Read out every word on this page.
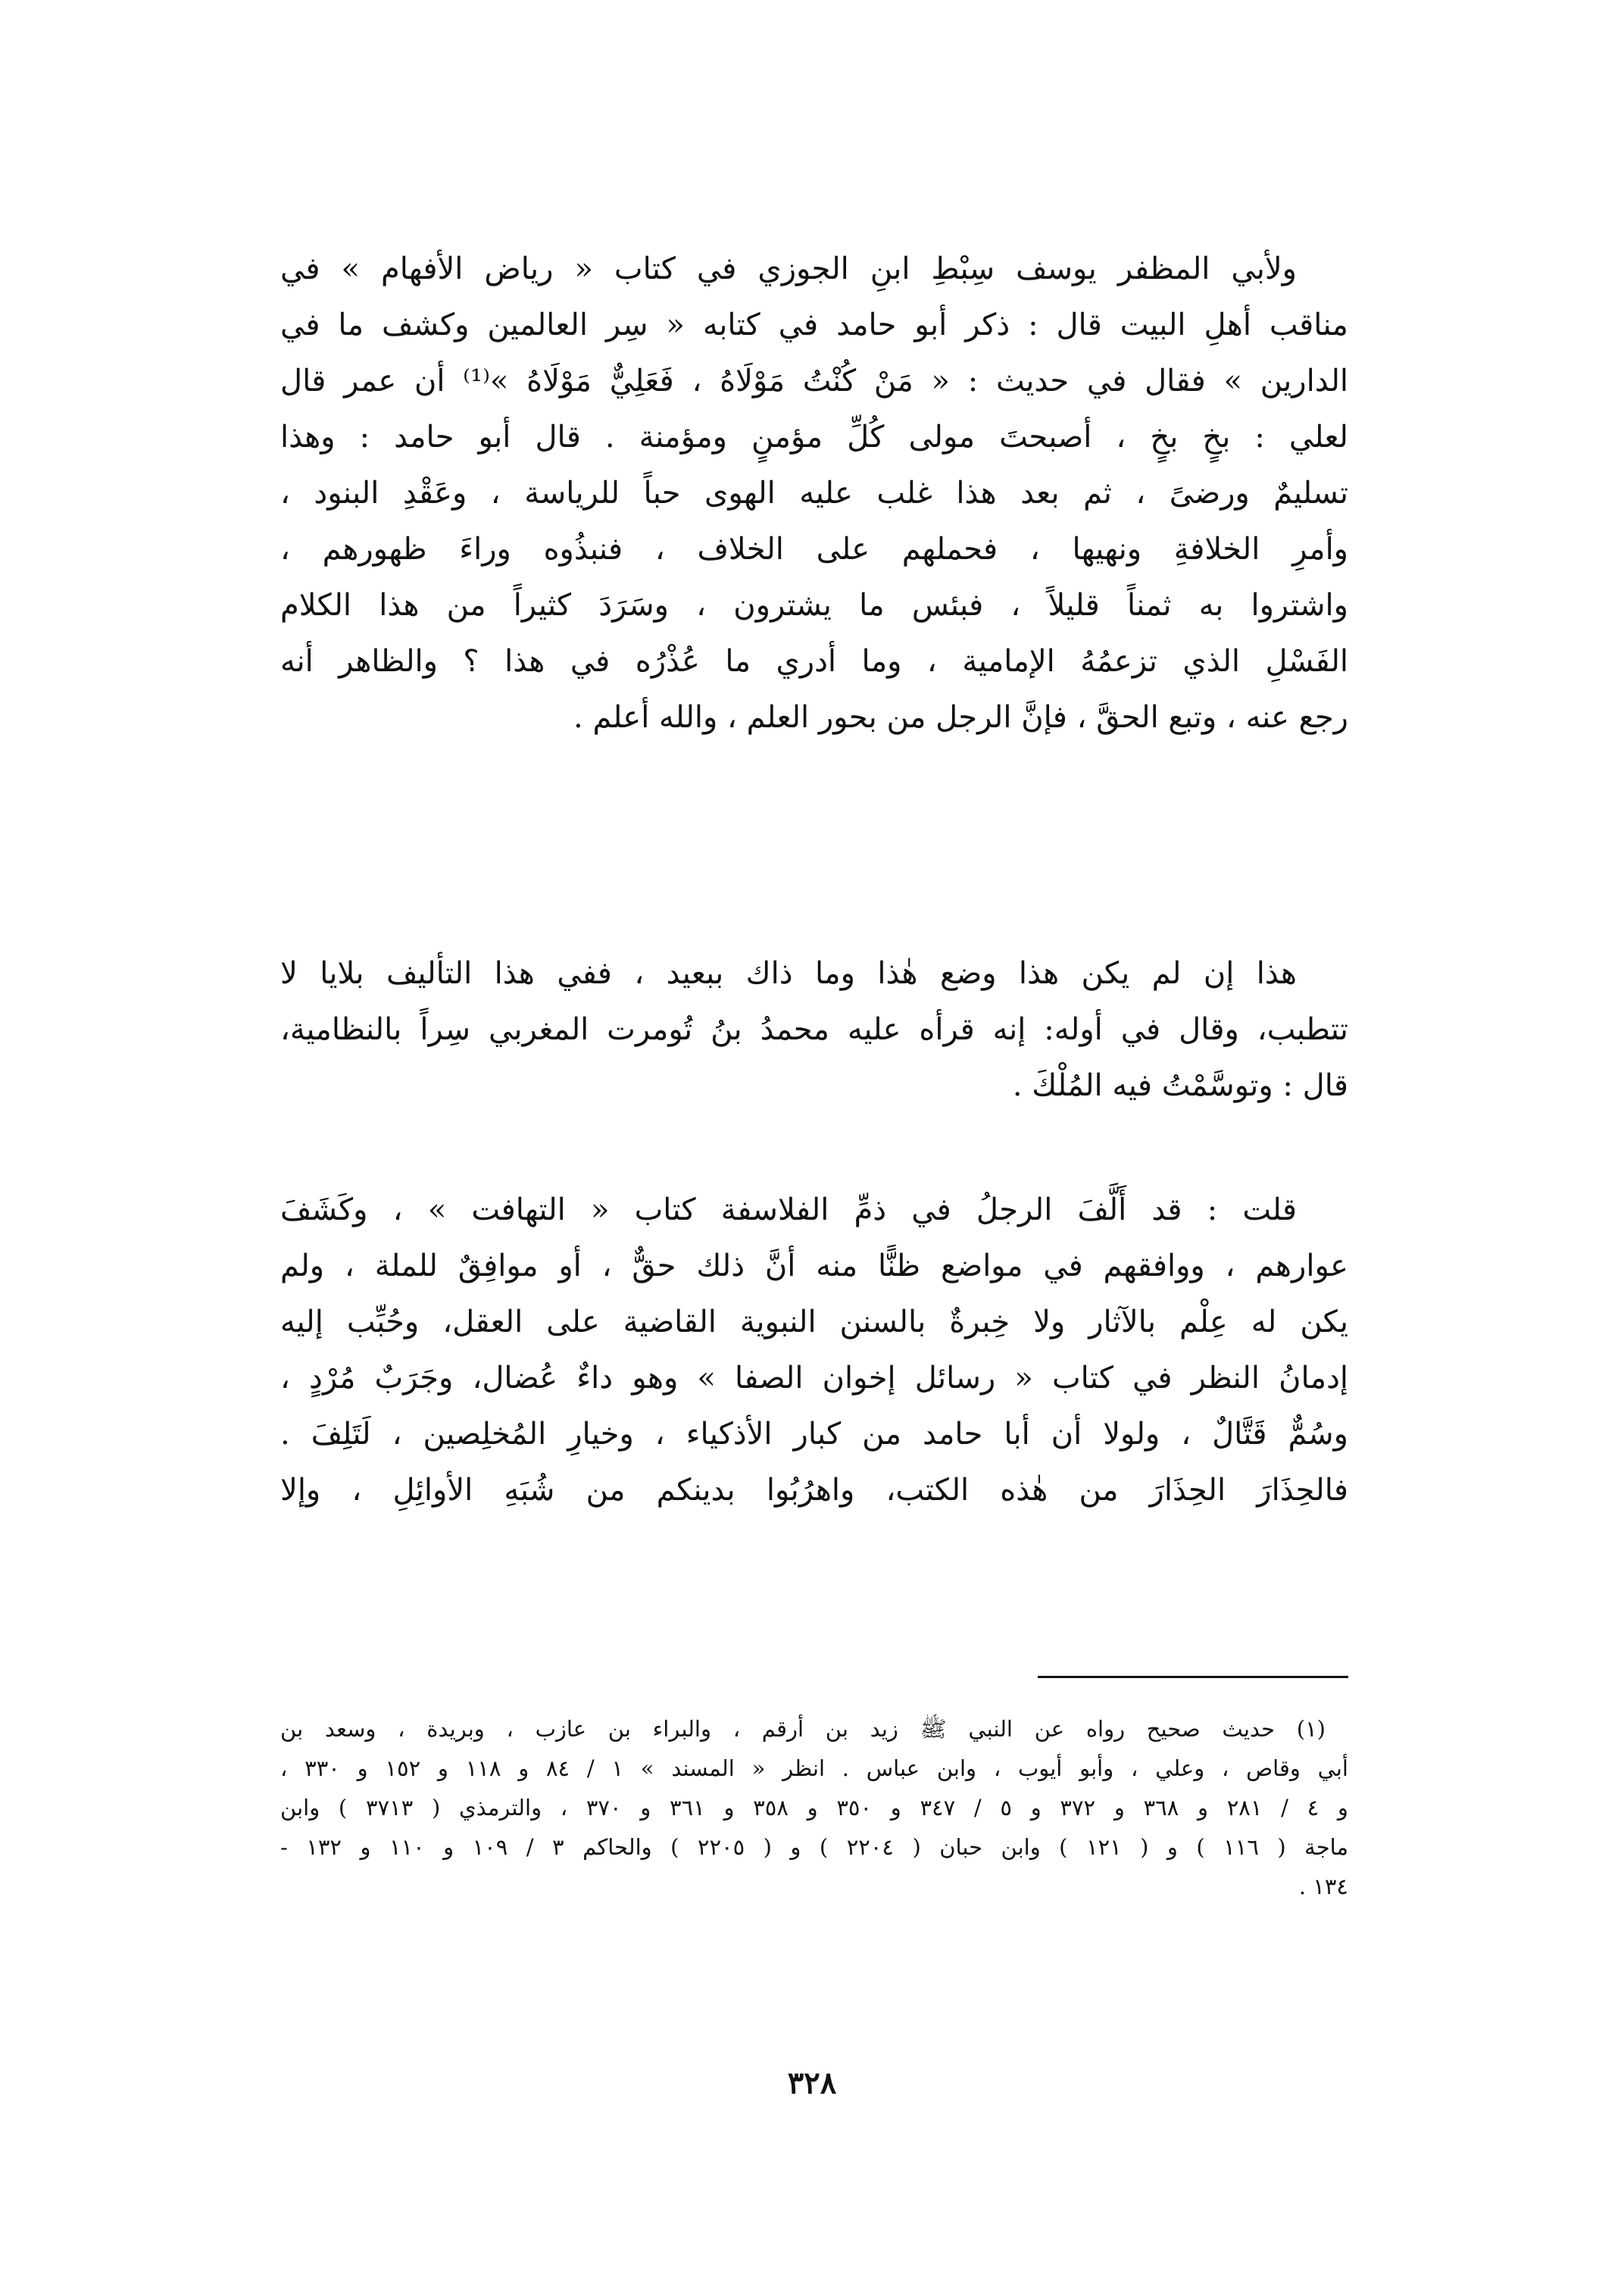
ولأبي المظفر يوسف سِبْطِ ابنِ الجوزي في كتاب « رياض الأفهام » في
مناقب أهلِ البيت قال : ذكر أبو حامد في كتابه « سِر العالمين وكشف ما في
الدارين » فقال في حديث : « مَنْ كُنْتُ مَوْلَاهُ ، فَعَلِيٌّ مَوْلَاهُ »⁽¹⁾ أن عمر قال
لعلي : بخٍ بخٍ ، أصبحتَ مولى كُلِّ مؤمنٍ ومؤمنة . قال أبو حامد : وهذا
تسليمٌ ورضىً ، ثم بعد هذا غلب عليه الهوى حباً للرياسة ، وعَقْدِ البنود ،
وأمرِ الخلافةِ ونهيها ، فحملهم على الخلاف ، فنبذُوه وراءَ ظهورهم ،
واشتروا به ثمناً قليلاً ، فبئس ما يشترون ، وسَرَدَ كثيراً من هذا الكلام
الفَسْلِ الذي تزعمُهُ الإمامية ، وما أدري ما عُذْرُه في هذا ؟ والظاهر أنه
رجع عنه ، وتبع الحقَّ ، فإنَّ الرجل من بحور العلم ، والله أعلم .
هذا إن لم يكن هذا وضع هٰذا وما ذاك ببعيد ، ففي هذا التأليف بلايا لا
تتطبب، وقال في أوله: إنه قرأه عليه محمدُ بنُ تُومرت المغربي سِراً بالنظامية،
قال : وتوسَّمْتُ فيه المُلْكَ .
قلت : قد أَلَّفَ الرجلُ في ذمِّ الفلاسفة كتاب « التهافت » ، وكَشَفَ
عوارهم ، ووافقهم في مواضع ظنًّا منه أنَّ ذلك حقٌّ ، أو موافِقٌ للملة ، ولم
يكن له عِلْم بالآثار ولا خِبرةٌ بالسنن النبوية القاضية على العقل، وحُبِّب إليه
إدمانُ النظر في كتاب « رسائل إخوان الصفا » وهو داءٌ عُضال، وجَرَبٌ مُرْدٍ ،
وسُمٌّ قَتَّالٌ ، ولولا أن أبا حامد من كبار الأذكياء ، وخيارِ المُخلِصين ، لَتَلِفَ .
فالحِذَارَ الحِذَارَ من هٰذه الكتب، واهرُبُوا بدينكم من شُبَهِ الأوائِلِ ، وإلا
(١) حديث صحيح رواه عن النبي ﷺ زيد بن أرقم ، والبراء بن عازب ، وبريدة ، وسعد بن
أبي وقاص ، وعلي ، وأبو أيوب ، وابن عباس . انظر « المسند » ١ / ٨٤ و ١١٨ و ١٥٢ و ٣٣٠ ،
و ٤ / ٢٨١ و ٣٦٨ و ٣٧٢ و ٥ / ٣٤٧ و ٣٥٠ و ٣٥٨ و ٣٦١ و ٣٧٠ ، والترمذي ( ٣٧١٣ ) وابن
ماجة ( ١١٦ ) و ( ١٢١ ) وابن حبان ( ٢٢٠٤ ) و ( ٢٢٠٥ ) والحاكم ٣ / ١٠٩ و ١١٠ و ١٣٢ -
١٣٤ .
٣٢٨
